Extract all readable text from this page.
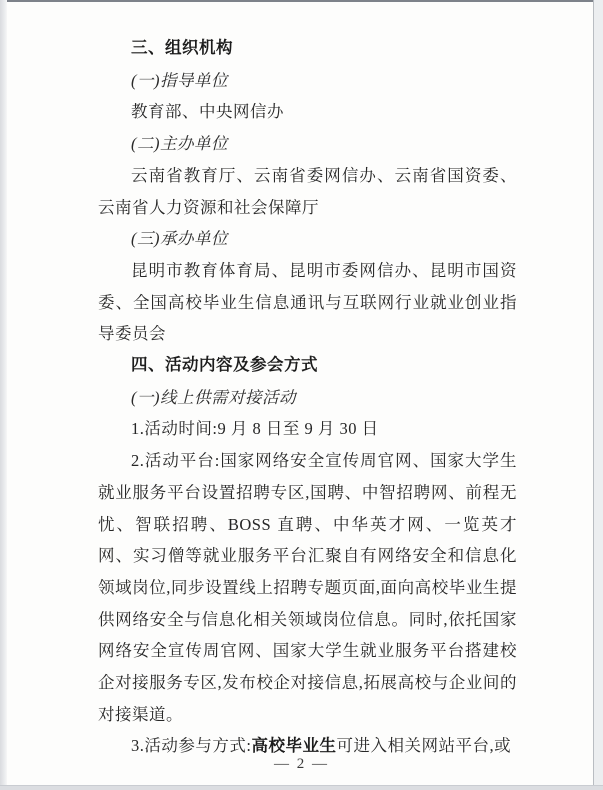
三、组织机构

(一)指导单位

教育部、中央网信办

(二)主办单位

云南省教育厅、云南省委网信办、云南省国资委、云南省人力资源和社会保障厅

(三)承办单位

昆明市教育体育局、昆明市委网信办、昆明市国资委、全国高校毕业生信息通讯与互联网行业就业创业指导委员会

四、活动内容及参会方式

(一)线上供需对接活动

1.活动时间:9 月 8 日至 9 月 30 日

2.活动平台:国家网络安全宣传周官网、国家大学生就业服务平台设置招聘专区,国聘、中智招聘网、前程无忧、智联招聘、BOSS 直聘、中华英才网、一览英才网、实习僧等就业服务平台汇聚自有网络安全和信息化领域岗位,同步设置线上招聘专题页面,面向高校毕业生提供网络安全与信息化相关领域岗位信息。同时,依托国家网络安全宣传周官网、国家大学生就业服务平台搭建校企对接服务专区,发布校企对接信息,拓展高校与企业间的对接渠道。

3.活动参与方式:高校毕业生可进入相关网站平台,或

— 2 —
